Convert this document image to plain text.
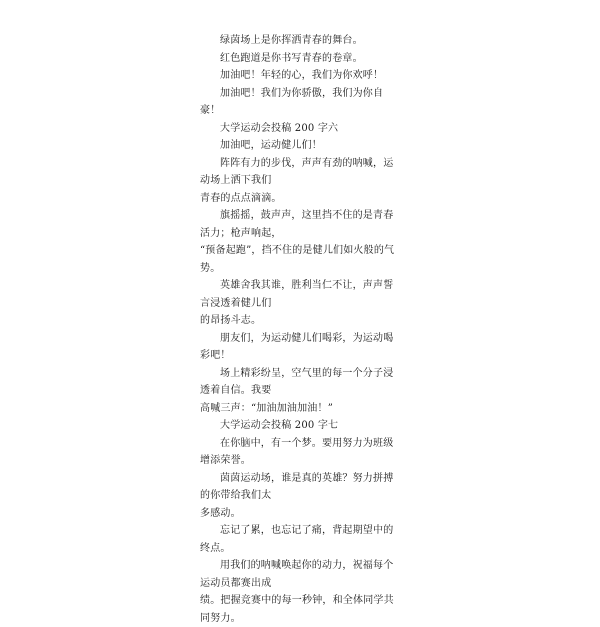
绿茵场上是你挥洒青春的舞台。

红色跑道是你书写青春的卷章。

加油吧！年轻的心，我们为你欢呼！

加油吧！我们为你骄傲，我们为你自豪！

大学运动会投稿 200 字六

加油吧，运动健儿们！

阵阵有力的步伐，声声有劲的呐喊，运动场上洒下我们
青春的点点滴滴。

旗摇摇，鼓声声，这里挡不住的是青春活力；枪声响起，
“预备起跑”，挡不住的是健儿们如火般的气势。

英雄舍我其谁，胜利当仁不让，声声誓言浸透着健儿们
的昂扬斗志。

朋友们，为运动健儿们喝彩，为运动喝彩吧！

场上精彩纷呈，空气里的每一个分子浸透着自信。我要
高喊三声：“加油加油加油！”

大学运动会投稿 200 字七

在你脑中，有一个梦。要用努力为班级增添荣誉。

茵茵运动场，谁是真的英雄？努力拼搏的你带给我们太
多感动。

忘记了累，也忘记了痛，背起期望中的终点。

用我们的呐喊唤起你的动力，祝福每个运动员都赛出成
绩。把握竞赛中的每一秒钟，和全体同学共同努力。
